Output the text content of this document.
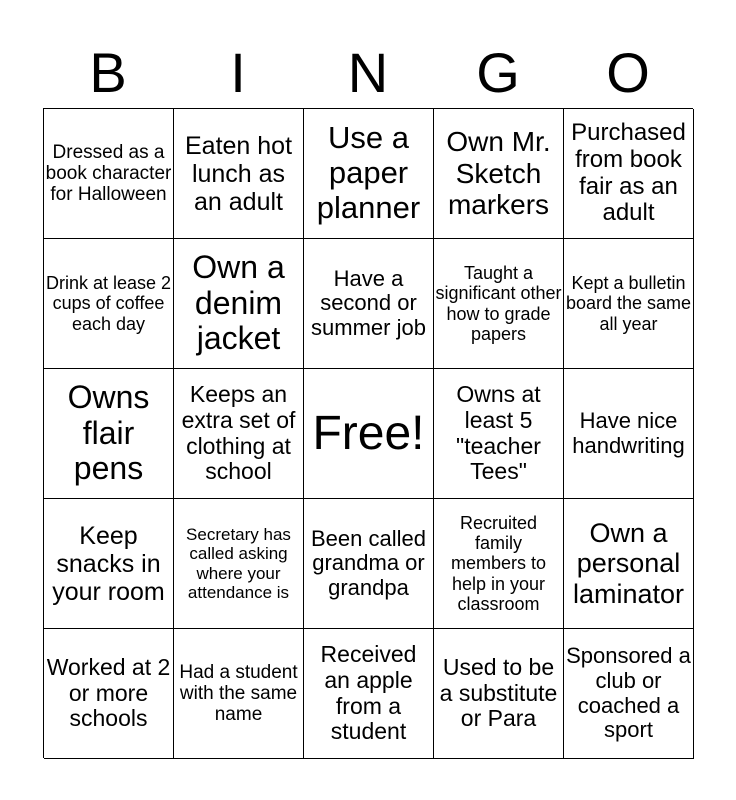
B	I	N	G	O
Dressed as a book character for Halloween
Eaten hot lunch as an adult
Use a paper planner
Own Mr. Sketch markers
Purchased from book fair as an adult
Drink at lease 2 cups of coffee each day
Own a denim jacket
Have a second or summer job
Taught a significant other how to grade papers
Kept a bulletin board the same all year
Owns flair pens
Keeps an extra set of clothing at school
Free!
Owns at least 5 "teacher Tees"
Have nice handwriting
Keep snacks in your room
Secretary has called asking where your attendance is
Been called grandma or grandpa
Recruited family members to help in your classroom
Own a personal laminator
Worked at 2 or more schools
Had a student with the same name
Received an apple from a student
Used to be a substitute or Para
Sponsored a club or coached a sport
